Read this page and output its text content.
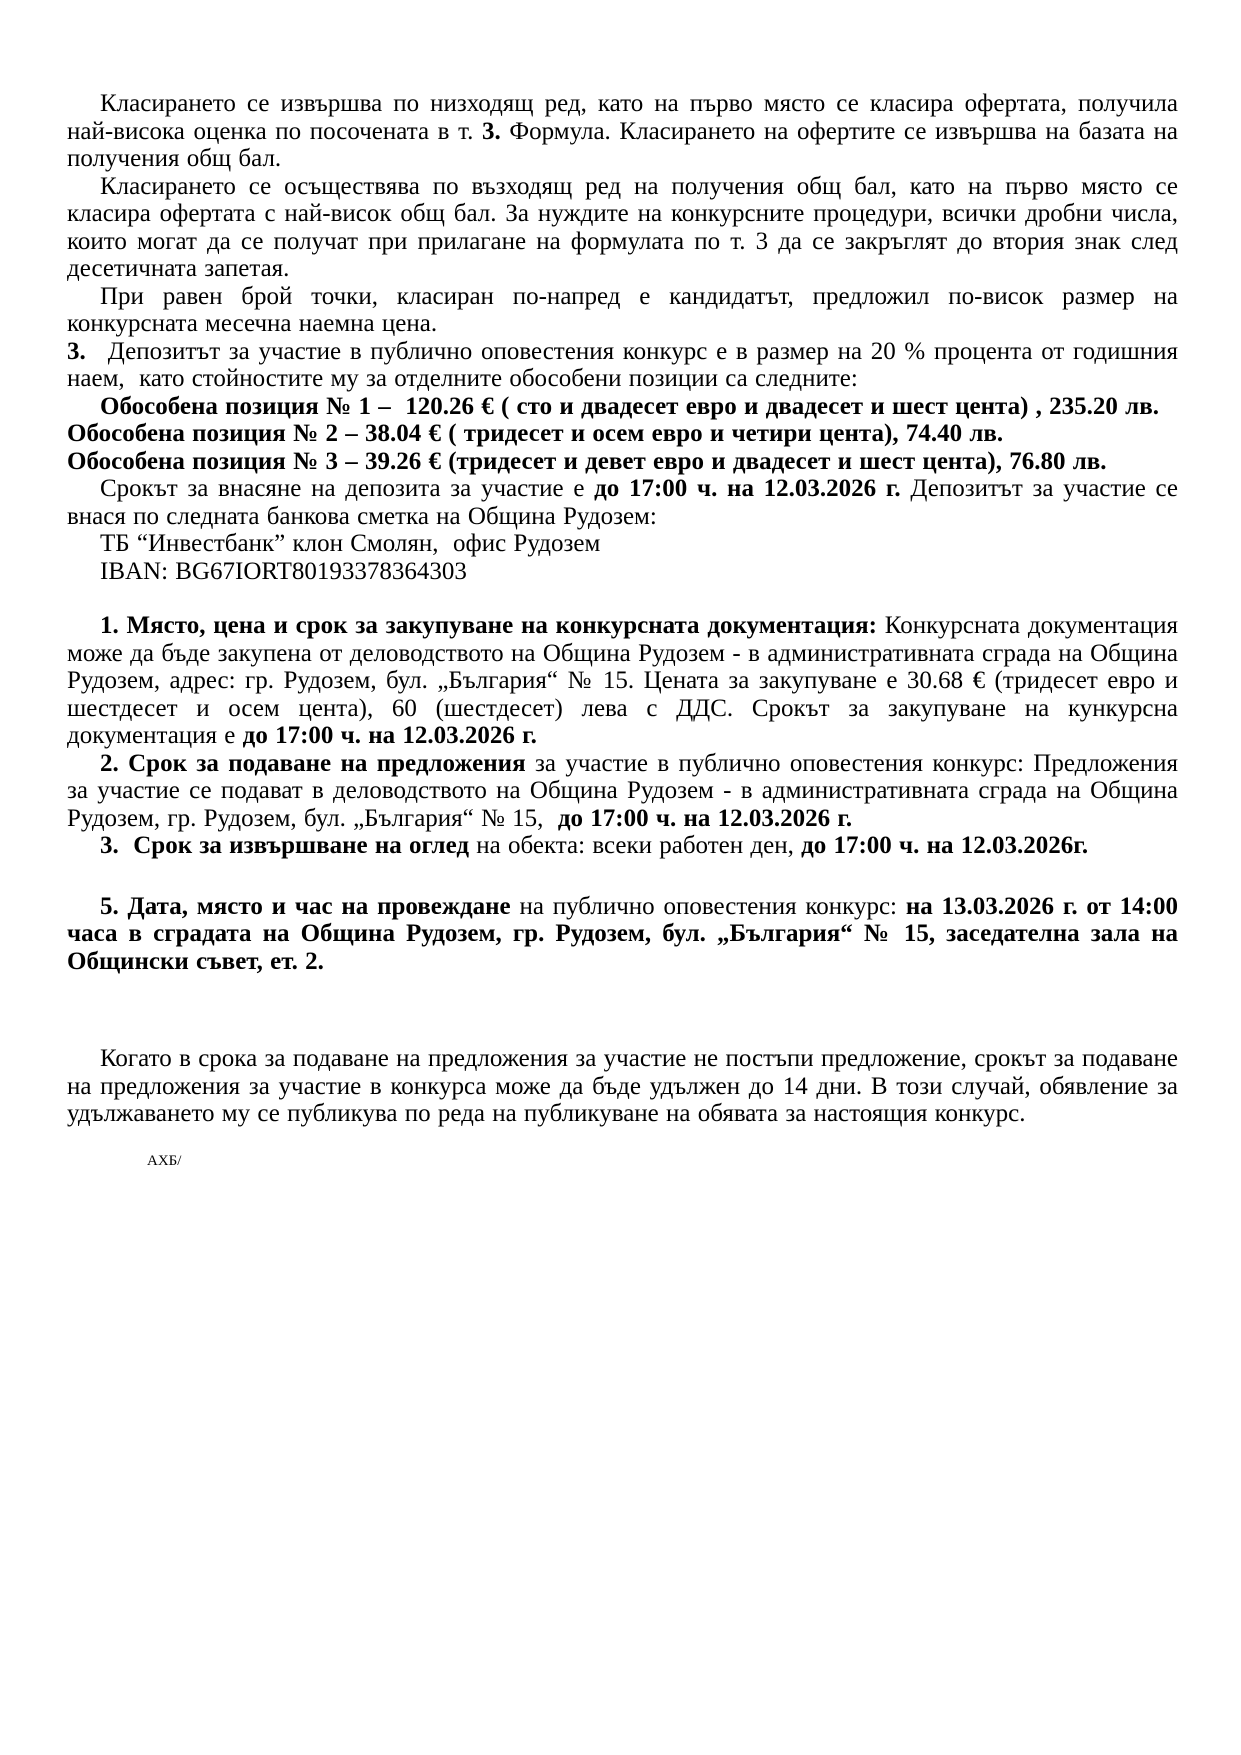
Класирането се извършва по низходящ ред, като на първо място се класира офертата, получила най-висока оценка по посочената в т. 3. Формула. Класирането на офертите се извършва на базата на получения общ бал.

Класирането се осъществява по възходящ ред на получения общ бал, като на първо място се класира офертата с най-висок общ бал. За нуждите на конкурсните процедури, всички дробни числа, които могат да се получат при прилагане на формулата по т. 3 да се закръглят до втория знак след десетичната запетая.

При равен брой точки, класиран по-напред е кандидатът, предложил по-висок размер на конкурсната месечна наемна цена.

3. Депозитът за участие в публично оповестения конкурс е в размер на 20 % процента от годишния наем,  като стойностите му за отделните обособени позиции са следните:

Обособена позиция № 1 –  120.26 € ( сто и двадесет евро и двадесет и шест цента) , 235.20 лв.

Обособена позиция № 2 – 38.04 € ( тридесет и осем евро и четири цента), 74.40 лв.

Обособена позиция № 3 – 39.26 € (тридесет и девет евро и двадесет и шест цента), 76.80 лв.

Срокът за внасяне на депозита за участие е до 17:00 ч. на 12.03.2026 г. Депозитът за участие се внася по следната банкова сметка на Община Рудозем:

ТБ “Инвестбанк” клон Смолян,  офис Рудозем

IBAN: BG67IORT80193378364303

1. Място, цена и срок за закупуване на конкурсната документация: Конкурсната документация може да бъде закупена от деловодството на Община Рудозем - в административната сграда на Община Рудозем, адрес: гр. Рудозем, бул. „България“ № 15. Цената за закупуване е 30.68 € (тридесет евро и шестдесет и осем цента), 60 (шестдесет) лева с ДДС. Срокът за закупуване на кункурсна документация е до 17:00 ч. на 12.03.2026 г.

2. Срок за подаване на предложения за участие в публично оповестения конкурс: Предложения за участие се подават в деловодството на Община Рудозем - в административната сграда на Община Рудозем, гр. Рудозем, бул. „България“ № 15,  до 17:00 ч. на 12.03.2026 г.

3.  Срок за извършване на оглед на обекта: всеки работен ден, до 17:00 ч. на 12.03.2026г.

5. Дата, място и час на провеждане на публично оповестения конкурс: на 13.03.2026 г. от 14:00 часа в сградата на Община Рудозем, гр. Рудозем, бул. „България“ № 15, заседателна зала на Общински съвет, ет. 2.

Когато в срока за подаване на предложения за участие не постъпи предложение, срокът за подаване на предложения за участие в конкурса може да бъде удължен до 14 дни. В този случай, обявление за удължаването му се публикува по реда на публикуване на обявата за настоящия конкурс.

АХБ/
